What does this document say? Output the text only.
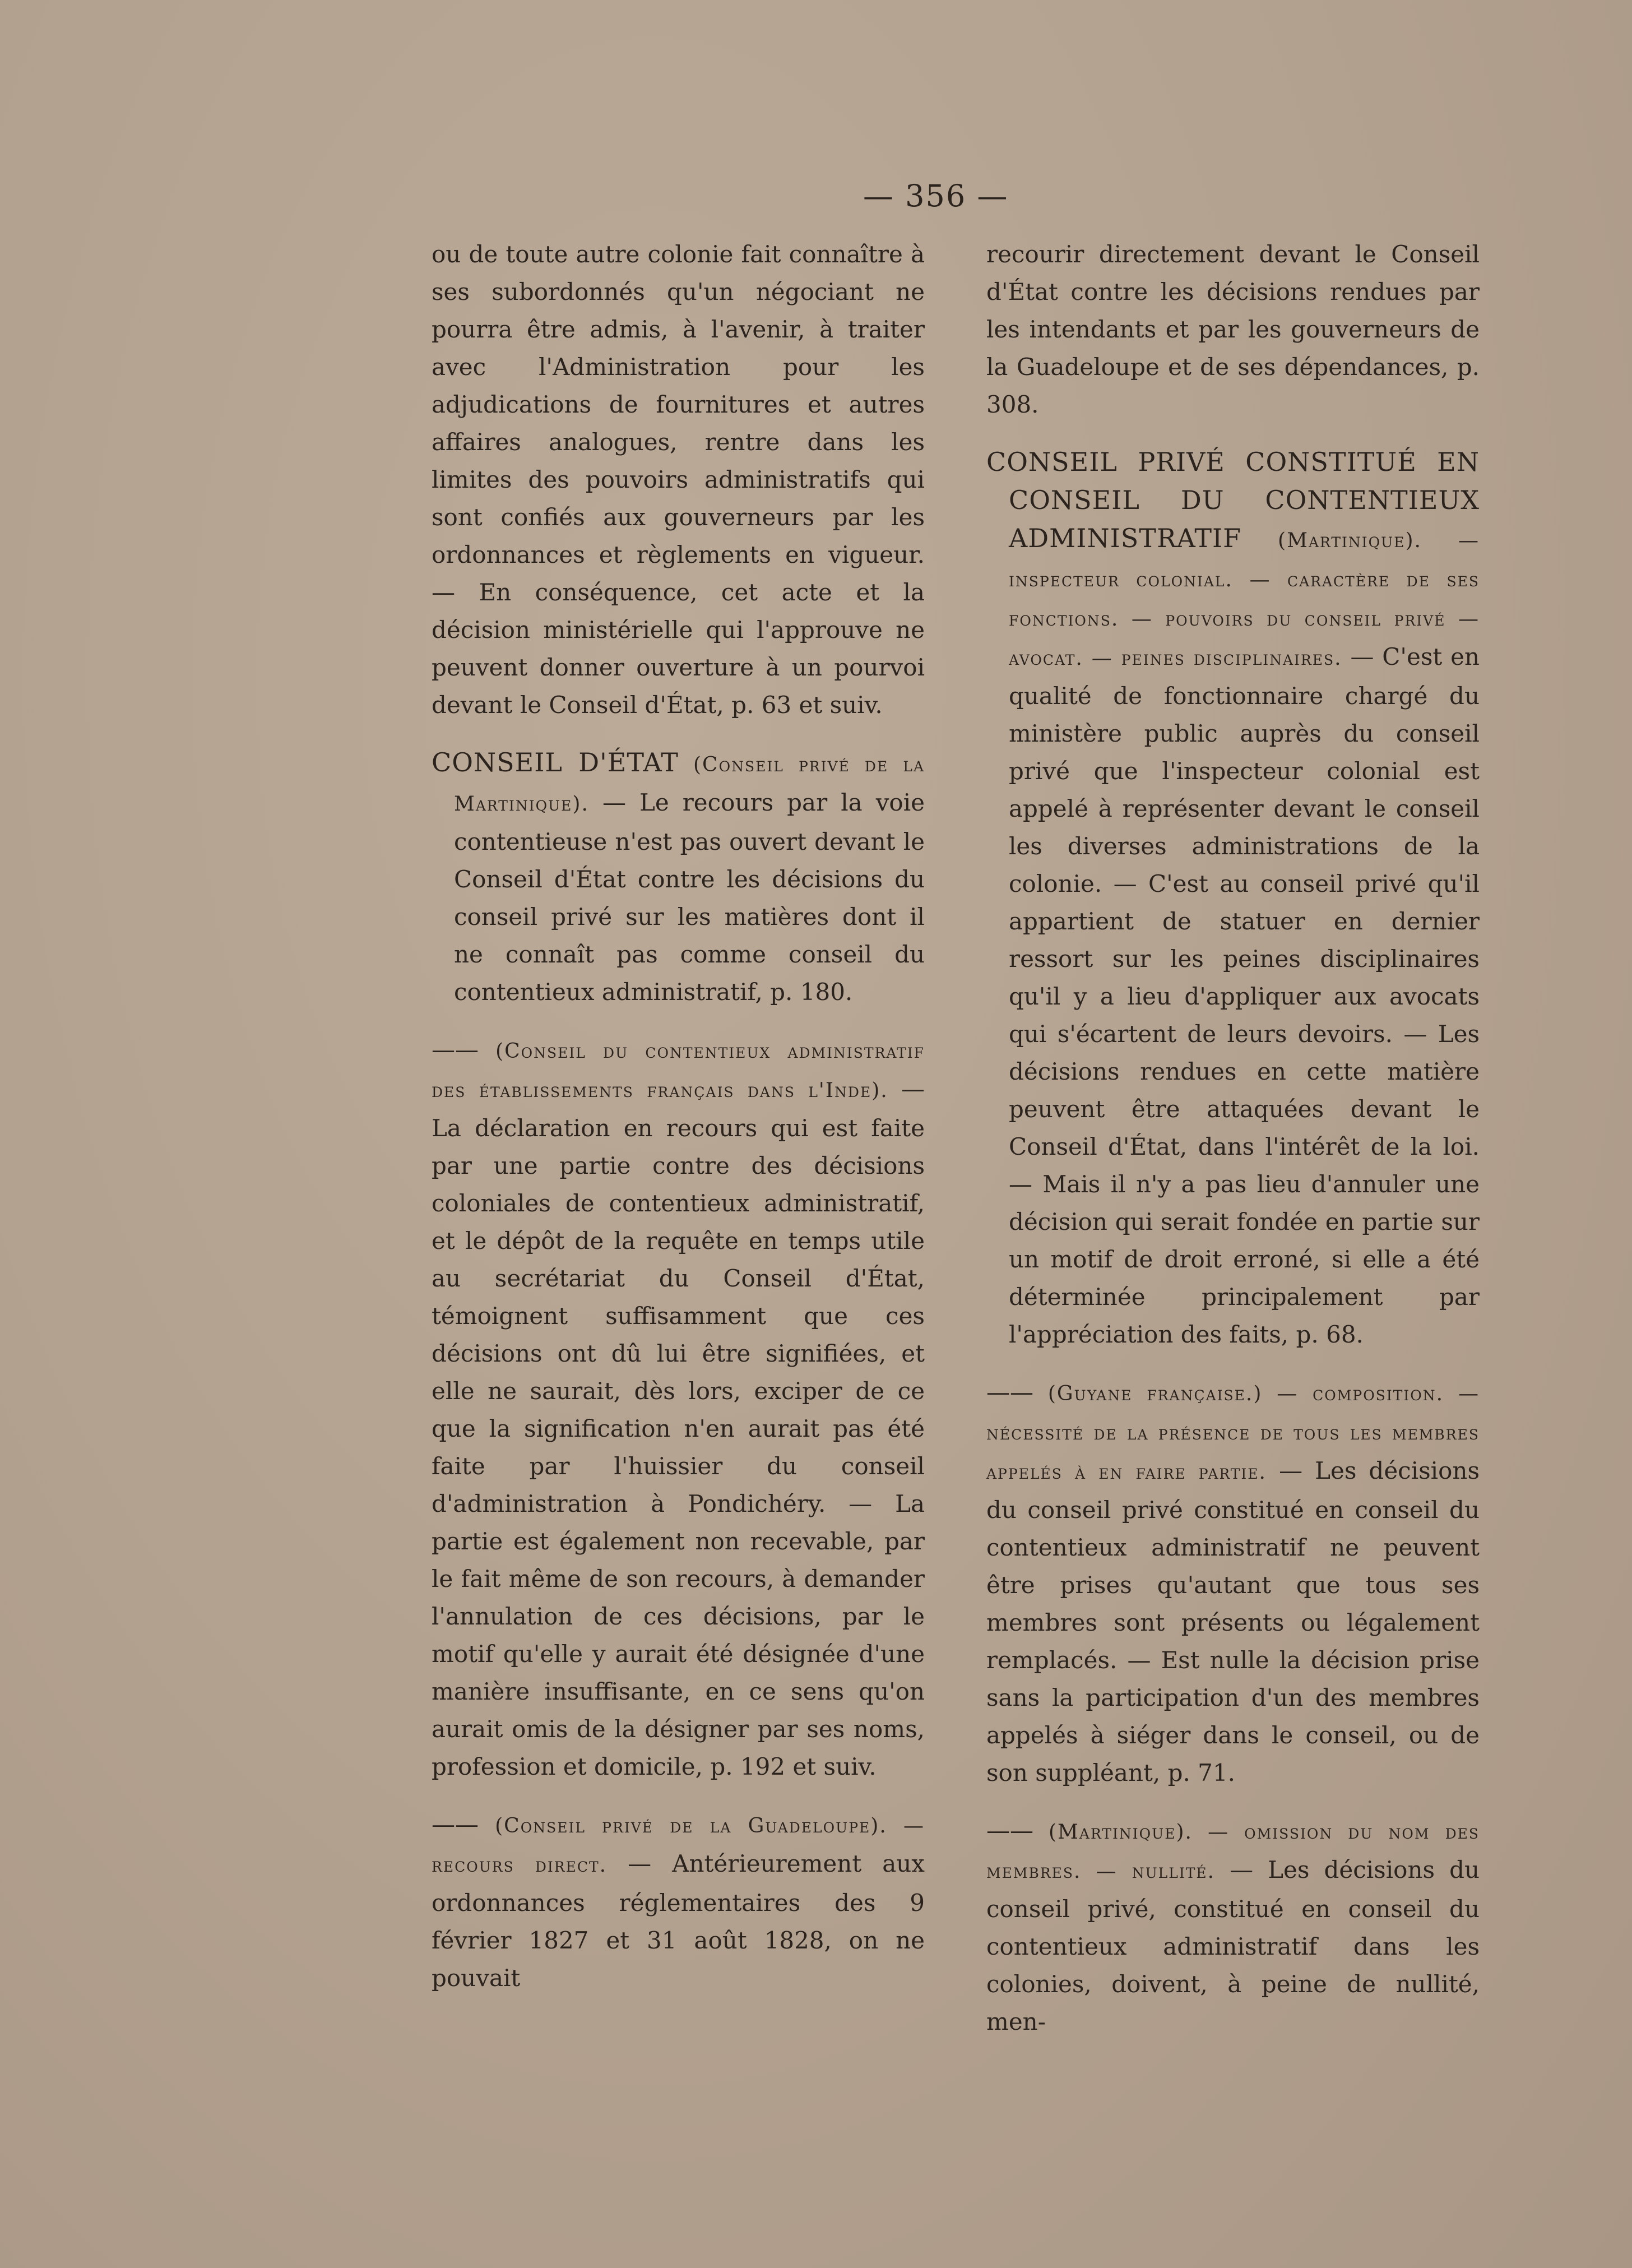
— 356 —

ou de toute autre colonie fait connaître à ses subordonnés qu'un négociant ne pourra être admis, à l'avenir, à traiter avec l'Administration pour les adjudications de fournitures et autres affaires analogues, rentre dans les limites des pouvoirs administratifs qui sont confiés aux gouverneurs par les ordonnances et règlements en vigueur. — En conséquence, cet acte et la décision ministérielle qui l'approuve ne peuvent donner ouverture à un pourvoi devant le Conseil d'État, p. 63 et suiv.

CONSEIL D'ÉTAT (Conseil privé de la Martinique). — Le recours par la voie contentieuse n'est pas ouvert devant le Conseil d'État contre les décisions du conseil privé sur les matières dont il ne connaît pas comme conseil du contentieux administratif, p. 180.

—— (Conseil du contentieux administratif des établissements français dans l'Inde). — La déclaration en recours qui est faite par une partie contre des décisions coloniales de contentieux administratif, et le dépôt de la requête en temps utile au secrétariat du Conseil d'État, témoignent suffisamment que ces décisions ont dû lui être signifiées, et elle ne saurait, dès lors, exciper de ce que la signification n'en aurait pas été faite par l'huissier du conseil d'administration à Pondichéry. — La partie est également non recevable, par le fait même de son recours, à demander l'annulation de ces décisions, par le motif qu'elle y aurait été désignée d'une manière insuffisante, en ce sens qu'on aurait omis de la désigner par ses noms, profession et domicile, p. 192 et suiv.

—— (Conseil privé de la Guadeloupe). — recours direct. — Antérieurement aux ordonnances réglementaires des 9 février 1827 et 31 août 1828, on ne pouvait

recourir directement devant le Conseil d'État contre les décisions rendues par les intendants et par les gouverneurs de la Guadeloupe et de ses dépendances, p. 308.

CONSEIL PRIVÉ CONSTITUÉ EN CONSEIL DU CONTENTIEUX ADMINISTRATIF (Martinique). — inspecteur colonial. — caractère de ses fonctions. — pouvoirs du conseil privé — avocat. — peines disciplinaires. — C'est en qualité de fonctionnaire chargé du ministère public auprès du conseil privé que l'inspecteur colonial est appelé à représenter devant le conseil les diverses administrations de la colonie. — C'est au conseil privé qu'il appartient de statuer en dernier ressort sur les peines disciplinaires qu'il y a lieu d'appliquer aux avocats qui s'écartent de leurs devoirs. — Les décisions rendues en cette matière peuvent être attaquées devant le Conseil d'État, dans l'intérêt de la loi. — Mais il n'y a pas lieu d'annuler une décision qui serait fondée en partie sur un motif de droit erroné, si elle a été déterminée principalement par l'appréciation des faits, p. 68.

—— (Guyane française.) — composition. — nécessité de la présence de tous les membres appelés à en faire partie. — Les décisions du conseil privé constitué en conseil du contentieux administratif ne peuvent être prises qu'autant que tous ses membres sont présents ou légalement remplacés. — Est nulle la décision prise sans la participation d'un des membres appelés à siéger dans le conseil, ou de son suppléant, p. 71.

—— (Martinique). — omission du nom des membres. — nullité. — Les décisions du conseil privé, constitué en conseil du contentieux administratif dans les colonies, doivent, à peine de nullité, men-
